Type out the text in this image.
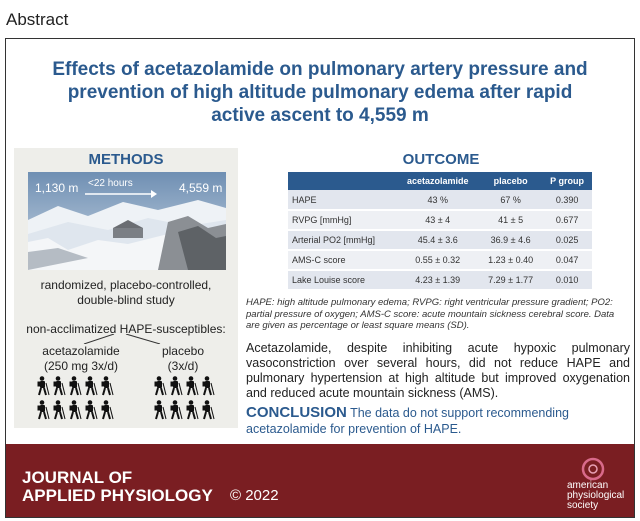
Abstract
Effects of acetazolamide on pulmonary artery pressure and prevention of high altitude pulmonary edema after rapid active ascent to 4,559 m
METHODS
1,130 m <22 hours	4,559 m
randomized, placebo-controlled,
double-blind study
non-acclimatized HAPE-susceptibles:
acetazolamide
(250 mg 3x/d)
placebo
(3x/d)
OUTCOME
	acetazolamide	placebo	P group
HAPE	43 %	67 %	0.390
RVPG [mmHg]	43 ± 4	41 ± 5	0.677
Arterial PO2 [mmHg]	45.4 ± 3.6	36.9 ± 4.6	0.025
AMS-C score	0.55 ± 0.32	1.23 ± 0.40	0.047
Lake Louise score	4.23 ± 1.39	7.29 ± 1.77	0.010
HAPE: high altitude pulmonary edema; RVPG: right ventricular pressure gradient; PO2: partial pressure of oxygen; AMS-C score: acute mountain sickness cerebral score. Data are given as percentage or least square means (SD).
Acetazolamide, despite inhibiting acute hypoxic pulmonary vasoconstriction over several hours, did not reduce HAPE and pulmonary hypertension at high altitude but improved oxygenation and reduced acute mountain sickness (AMS).
CONCLUSION The data do not support recommending acetazolamide for prevention of HAPE.
JOURNAL OF
APPLIED PHYSIOLOGY © 2022
american
physiological
society
